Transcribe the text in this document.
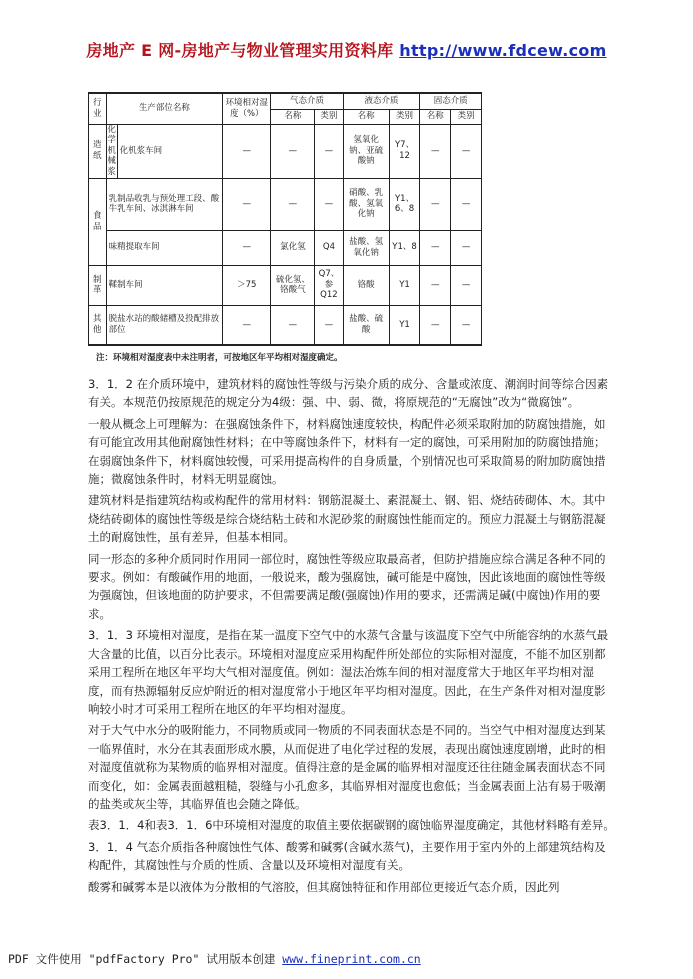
房地产 E 网-房地产与物业管理实用资料库 http://www.fdcew.com
行业	生产部位名称		环境相对湿度（%）	气态介质		液态介质		固态介质	
				名称	类别	名称	类别	名称	类别
造纸	化学机械浆	化机浆车间	—	—	—	氢氧化钠、亚硫酸钠	Y7、12	—	—
食品	乳制品收乳与预处理工段、酸牛乳车间、冰淇淋车间		—	—	—	硝酸、乳酸、氢氧化钠	Y1、6、8	—	—
	味精提取车间		—	氯化氢	Q4	盐酸、氢氧化钠	Y1、8	—	—
制革	鞣制车间		＞75	硫化氢、铬酸气	Q7、参Q12	铬酸	Y1	—	—
其他	脱盐水站的酸储槽及投配排放部位		—	—	—	盐酸、硫酸	Y1	—	—
注：环境相对湿度表中未注明者，可按地区年平均相对湿度确定。

3．1．2 在介质环境中，建筑材料的腐蚀性等级与污染介质的成分、含量或浓度、潮润时间等综合因素有关。本规范仍按原规范的规定分为4级：强、中、弱、微，将原规范的“无腐蚀”改为“微腐蚀”。

一般从概念上可理解为：在强腐蚀条件下，材料腐蚀速度较快，构配件必须采取附加的防腐蚀措施，如有可能宜改用其他耐腐蚀性材料；在中等腐蚀条件下，材料有一定的腐蚀，可采用附加的防腐蚀措施；在弱腐蚀条件下，材料腐蚀较慢，可采用提高构件的自身质量，个别情况也可采取简易的附加防腐蚀措施；微腐蚀条件时，材料无明显腐蚀。

建筑材料是指建筑结构或构配件的常用材料：钢筋混凝土、素混凝土、钢、铝、烧结砖砌体、木。其中烧结砖砌体的腐蚀性等级是综合烧结粘土砖和水泥砂浆的耐腐蚀性能而定的。预应力混凝土与钢筋混凝土的耐腐蚀性，虽有差异，但基本相同。

同一形态的多种介质同时作用同一部位时，腐蚀性等级应取最高者，但防护措施应综合满足各种不同的要求。例如：有酸碱作用的地面，一般说来，酸为强腐蚀，碱可能是中腐蚀，因此该地面的腐蚀性等级为强腐蚀，但该地面的防护要求，不但需要满足酸(强腐蚀)作用的要求，还需满足碱(中腐蚀)作用的要求。

3．1．3 环境相对湿度，是指在某一温度下空气中的水蒸气含量与该温度下空气中所能容纳的水蒸气最大含量的比值，以百分比表示。环境相对湿度应采用构配件所处部位的实际相对湿度，不能不加区别都采用工程所在地区年平均大气相对湿度值。例如：湿法冶炼车间的相对湿度常大于地区年平均相对湿度，而有热源辐射反应炉附近的相对湿度常小于地区年平均相对湿度。因此，在生产条件对相对湿度影响较小时才可采用工程所在地区的年平均相对湿度。

对于大气中水分的吸附能力，不同物质或同一物质的不同表面状态是不同的。当空气中相对湿度达到某一临界值时，水分在其表面形成水膜，从而促进了电化学过程的发展，表现出腐蚀速度剧增，此时的相对湿度值就称为某物质的临界相对湿度。值得注意的是金属的临界相对湿度还往往随金属表面状态不同而变化，如：金属表面越粗糙，裂缝与小孔愈多，其临界相对湿度也愈低；当金属表面上沾有易于吸潮的盐类或灰尘等，其临界值也会随之降低。

表3．1．4和表3．1．6中环境相对湿度的取值主要依据碳钢的腐蚀临界湿度确定，其他材料略有差异。

3．1．4 气态介质指各种腐蚀性气体、酸雾和碱雾(含碱水蒸气)，主要作用于室内外的上部建筑结构及构配件，其腐蚀性与介质的性质、含量以及环境相对湿度有关。

酸雾和碱雾本是以液体为分散相的气溶胶，但其腐蚀特征和作用部位更接近气态介质，因此列

PDF 文件使用 "pdfFactory Pro" 试用版本创建 www.fineprint.com.cn
